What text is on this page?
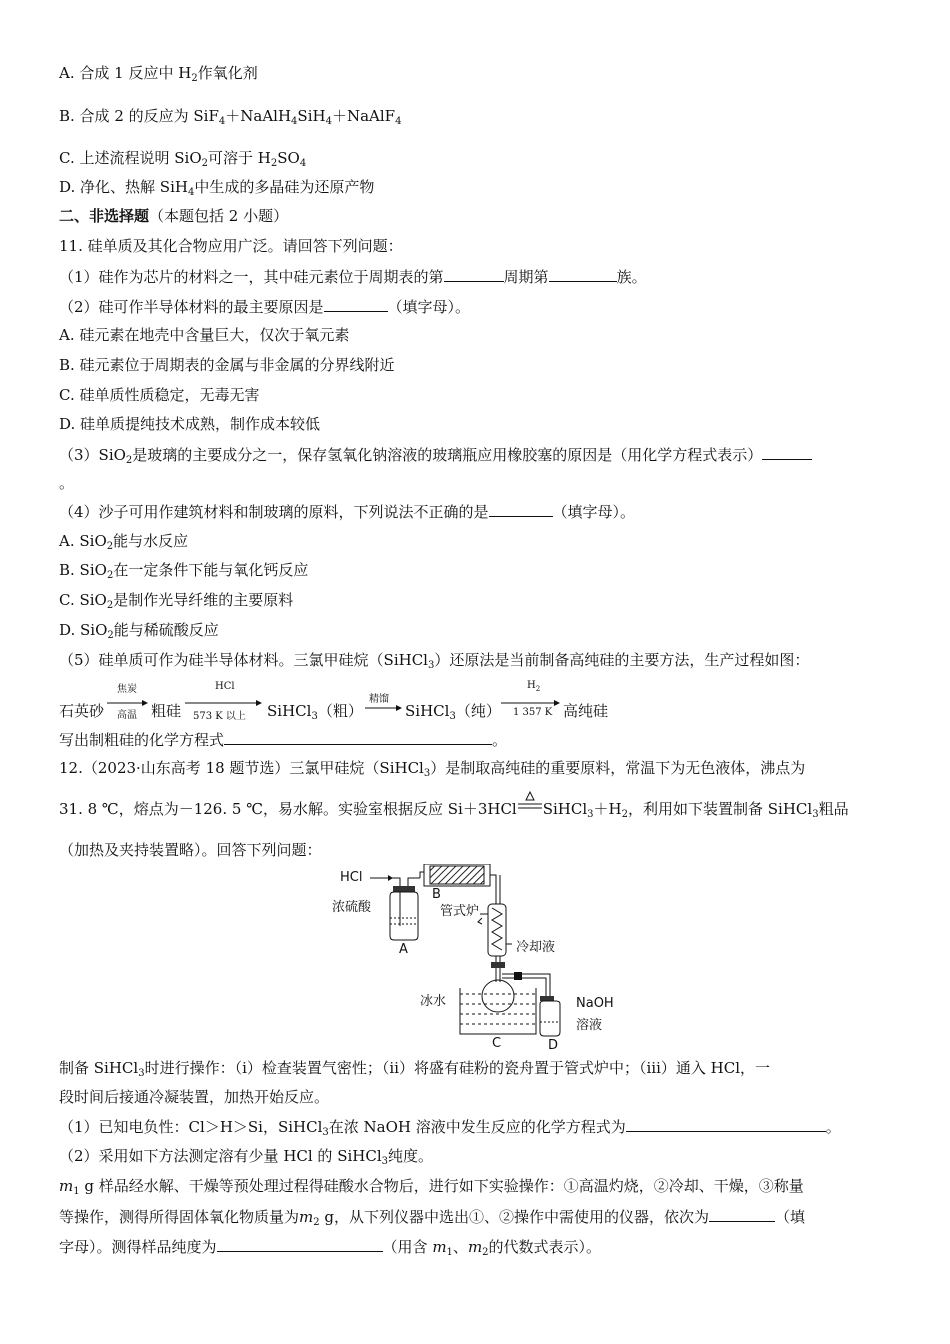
A. 合成 1 反应中 $H_2$作氧化剂
B. 合成 2 的反应为 SiF$_4$＋NaAlH$_4$SiH$_4$＋NaAlF$_4$
C. 上述流程说明 SiO$_2$可溶于 $H_2SO_4$
D. 净化、热解 SiH$_4$中生成的多晶硅为还原产物
二、非选择题（本题包括 2 小题）
11. 硅单质及其化合物应用广泛。请回答下列问题：
（1）硅作为芯片的材料之一，其中硅元素位于周期表的第	周期第	族。
（2）硅可作半导体材料的最主要原因是	（填字母）。
A. 硅元素在地壳中含量巨大，仅次于氧元素
B. 硅元素位于周期表的金属与非金属的分界线附近
C. 硅单质性质稳定，无毒无害
D. 硅单质提纯技术成熟，制作成本较低
（3）SiO$_2$是玻璃的主要成分之一，保存氢氧化钠溶液的玻璃瓶应用橡胶塞的原因是（用化学方程式表示）
。
（4）沙子可用作建筑材料和制玻璃的原料，下列说法不正确的是	（填字母）。
A. SiO$_2$能与水反应
B. SiO$_2$在一定条件下能与氧化钙反应
C. SiO$_2$是制作光导纤维的主要原料
D. SiO$_2$能与稀硫酸反应
（5）硅单质可作为硅半导体材料。三氯甲硅烷（SiHCl$_3$）还原法是当前制备高纯硅的主要方法，生产过程如图：
石英砂
焦炭
高温 粗硅
HCl
573 K 以上 SiHCl$_3$（粗）
精馏
SiHCl$_3$（纯）
$H_2$
1 357 K 高纯硅
写出制粗硅的化学方程式	。
12.（2023·山东高考 18 题节选）三氯甲硅烷（SiHCl$_3$）是制取高纯硅的重要原料，常温下为无色液体，沸点为
31. 8 ℃，熔点为－126. 5 ℃，易水解。实验室根据反应 Si＋3HCl $SiHCl_3+H_2$，利用如下装置制备 SiHCl$_3$粗品
（加热及夹持装置略）。回答下列问题：
HCl
浓硫酸
A
B
管式炉
冷却液
冰水
C	D
NaOH
溶液
制备 SiHCl$_3$时进行操作：（ⅰ）检查装置气密性；（ⅱ）将盛有硅粉的瓷舟置于管式炉中；（ⅲ）通入 HCl，一
段时间后接通冷凝装置，加热开始反应。
（1）已知电负性：Cl＞H＞Si，SiHCl$_3$在浓 NaOH 溶液中发生反应的化学方程式为	。
（2）采用如下方法测定溶有少量 HCl 的 SiHCl$_3$纯度。
$m_1$ g 样品经水解、干燥等预处理过程得硅酸水合物后，进行如下实验操作：①高温灼烧，②冷却、干燥，③称量
等操作，测得所得固体氧化物质量为$m_2$ g，从下列仪器中选出①、②操作中需使用的仪器，依次为	（填
字母）。测得样品纯度为	（用含 $m_1$、$m_2$的代数式表示）。
